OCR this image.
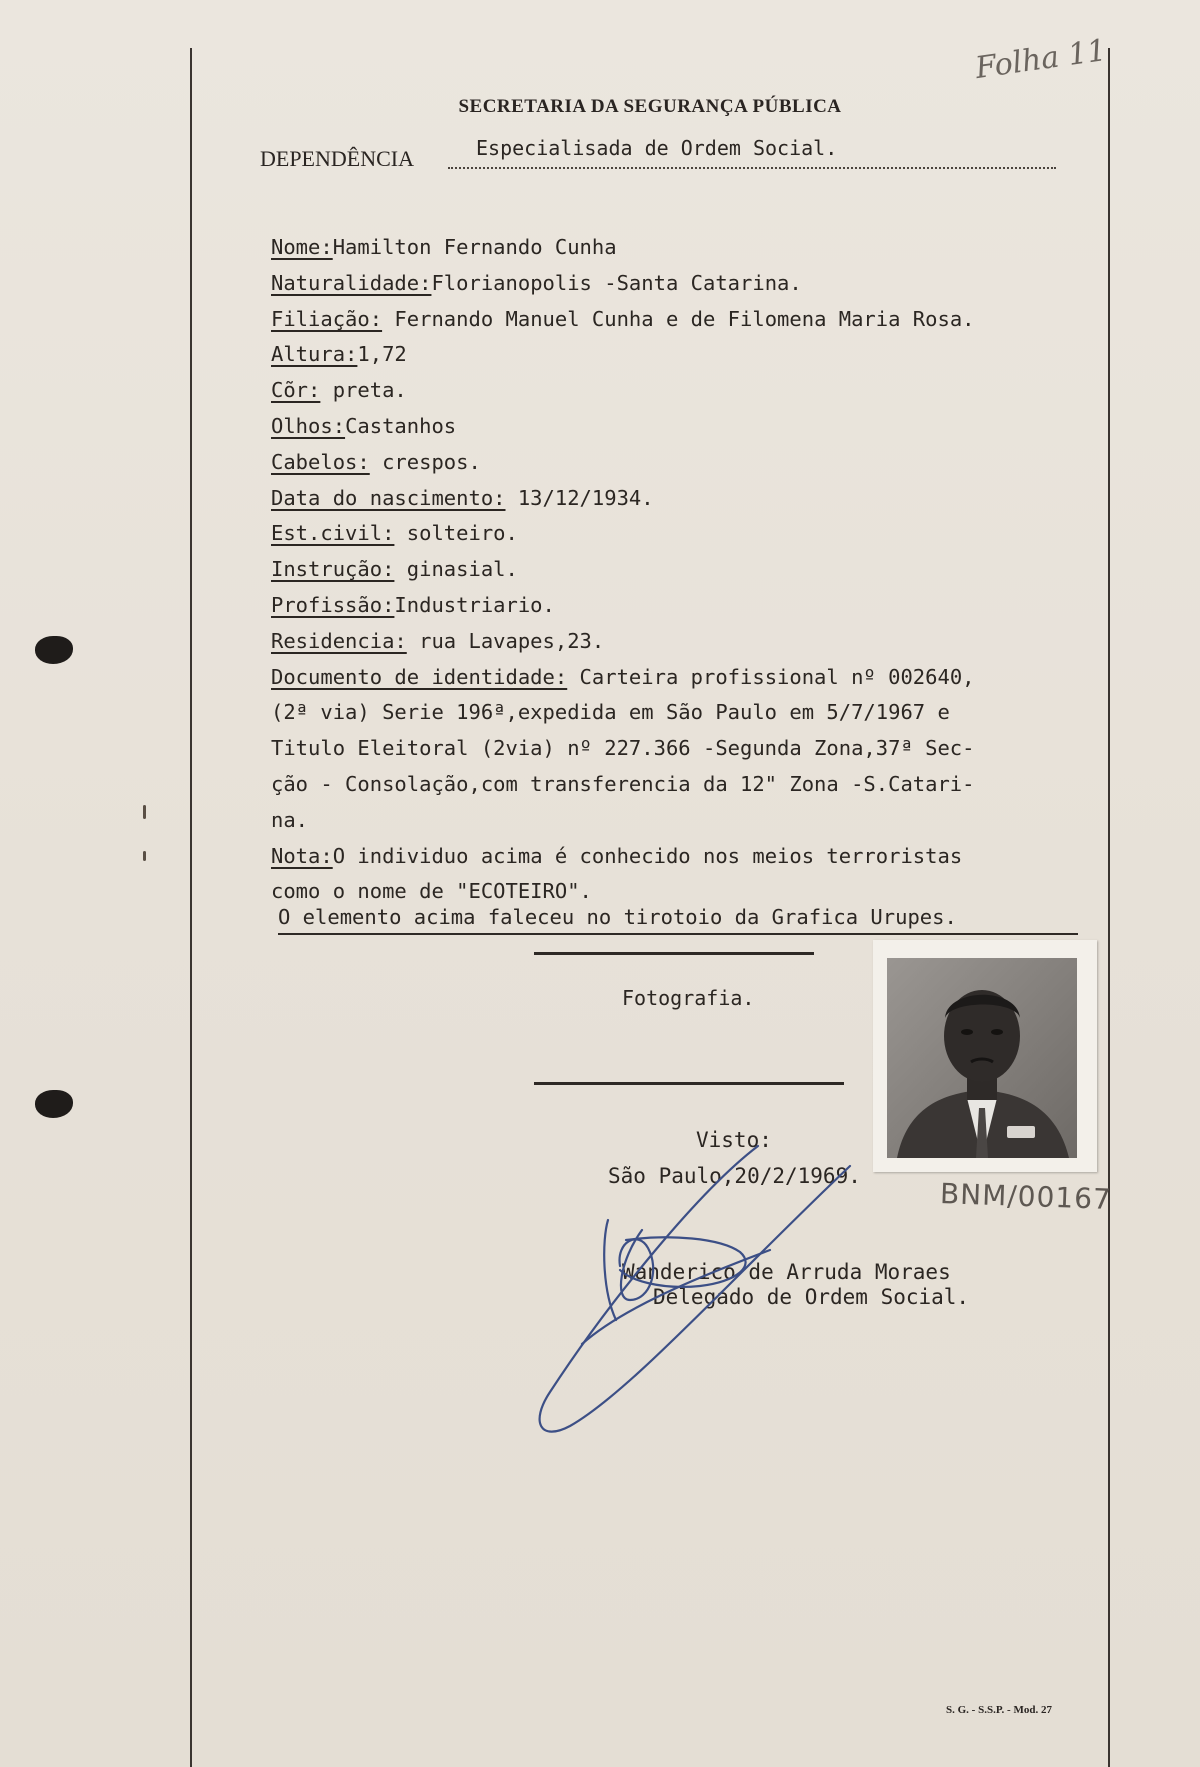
Folha 11
SECRETARIA DA SEGURANÇA PÚBLICA
DEPENDÊNCIA	Especialisada de Ordem Social.
Nome:Hamilton Fernando Cunha
Naturalidade:Florianopolis -Santa Catarina.
Filiação: Fernando Manuel Cunha e de Filomena Maria Rosa.
Altura:1,72
Cõr: preta.
Olhos:Castanhos
Cabelos: crespos.
Data do nascimento: 13/12/1934.
Est.civil: solteiro.
Instrução: ginasial.
Profissão:Industriario.
Residencia: rua Lavapes,23.
Documento de identidade: Carteira profissional nº 002640,
(2ª via) Serie 196ª,expedida em São Paulo em 5/7/1967 e
Titulo Eleitoral (2via) nº 227.366 -Segunda Zona,37ª Sec-
ção - Consolação,com transferencia da 12" Zona -S.Catari-
na.
Nota:O individuo acima é conhecido nos meios terroristas
como o nome de "ECOTEIRO".
O elemento acima faleceu no tirotoio da Grafica Urupes.
Fotografia.
BNM/00167
Visto:
São Paulo,20/2/1969.
Wanderico de Arruda Moraes
Delegado de Ordem Social.
S. G. - S.S.P. - Mod. 27
